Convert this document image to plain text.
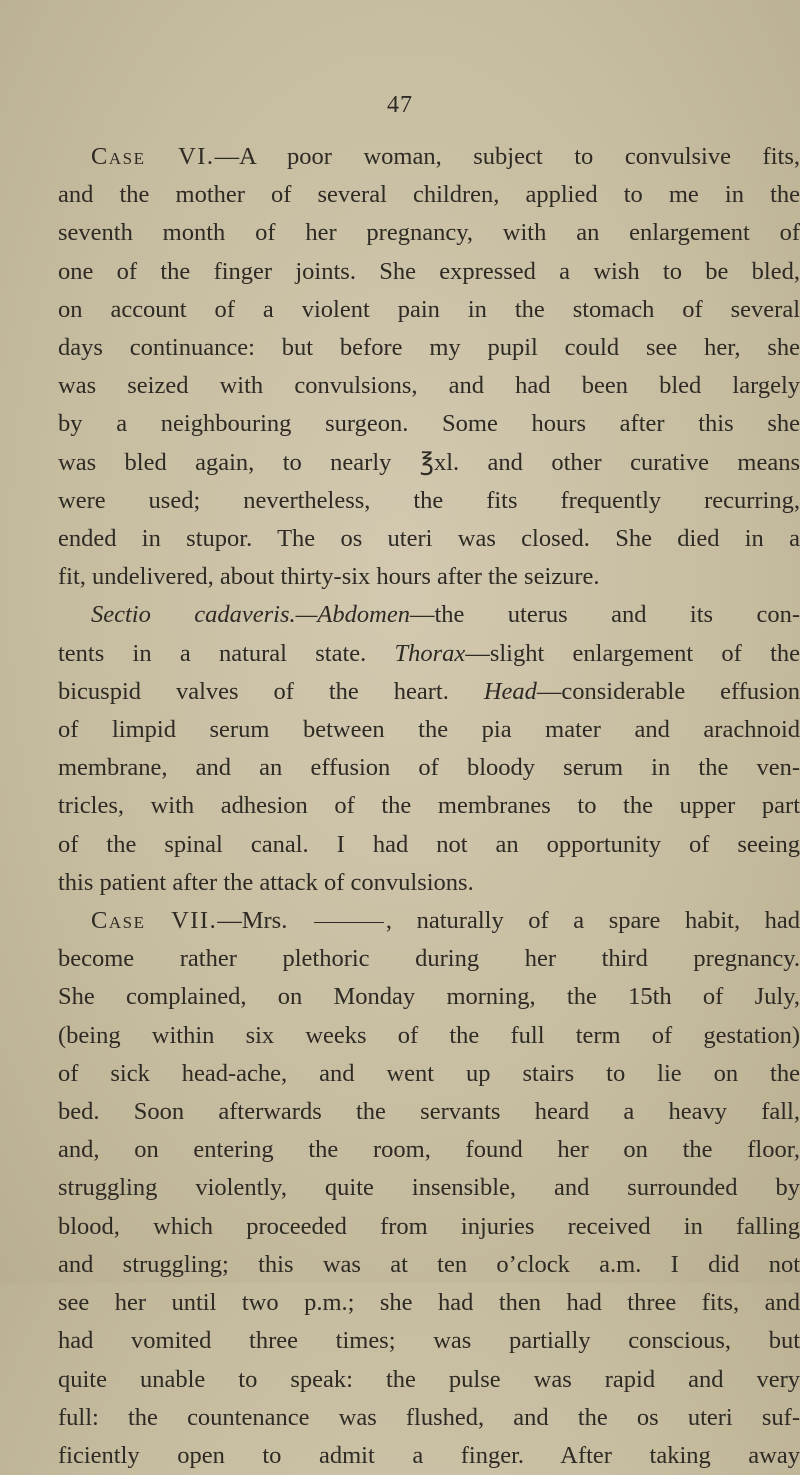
47
Case VI.—A poor woman, subject to convulsive fits,
and the mother of several children, applied to me in the
seventh month of her pregnancy, with an enlargement of
one of the finger joints. She expressed a wish to be bled,
on account of a violent pain in the stomach of several
days continuance: but before my pupil could see her, she
was seized with convulsions, and had been bled largely
by a neighbouring surgeon. Some hours after this she
was bled again, to nearly ℥xl. and other curative means
were used; nevertheless, the fits frequently recurring,
ended in stupor. The os uteri was closed. She died in a
fit, undelivered, about thirty-six hours after the seizure.
Sectio cadaveris.—Abdomen—the uterus and its con-
tents in a natural state. Thorax—slight enlargement of the
bicuspid valves of the heart. Head—considerable effusion
of limpid serum between the pia mater and arachnoid
membrane, and an effusion of bloody serum in the ven-
tricles, with adhesion of the membranes to the upper part
of the spinal canal. I had not an opportunity of seeing
this patient after the attack of convulsions.
Case VII.—Mrs.	, naturally of a spare habit, had
become rather plethoric during her third pregnancy.
She complained, on Monday morning, the 15th of July,
(being within six weeks of the full term of gestation)
of sick head-ache, and went up stairs to lie on the
bed. Soon afterwards the servants heard a heavy fall,
and, on entering the room, found her on the floor,
struggling violently, quite insensible, and surrounded by
blood, which proceeded from injuries received in falling
and struggling; this was at ten o’clock a.m. I did not
see her until two p.m.; she had then had three fits, and
had vomited three times; was partially conscious, but
quite unable to speak: the pulse was rapid and very
full: the countenance was flushed, and the os uteri suf-
ficiently open to admit a finger. After taking away
